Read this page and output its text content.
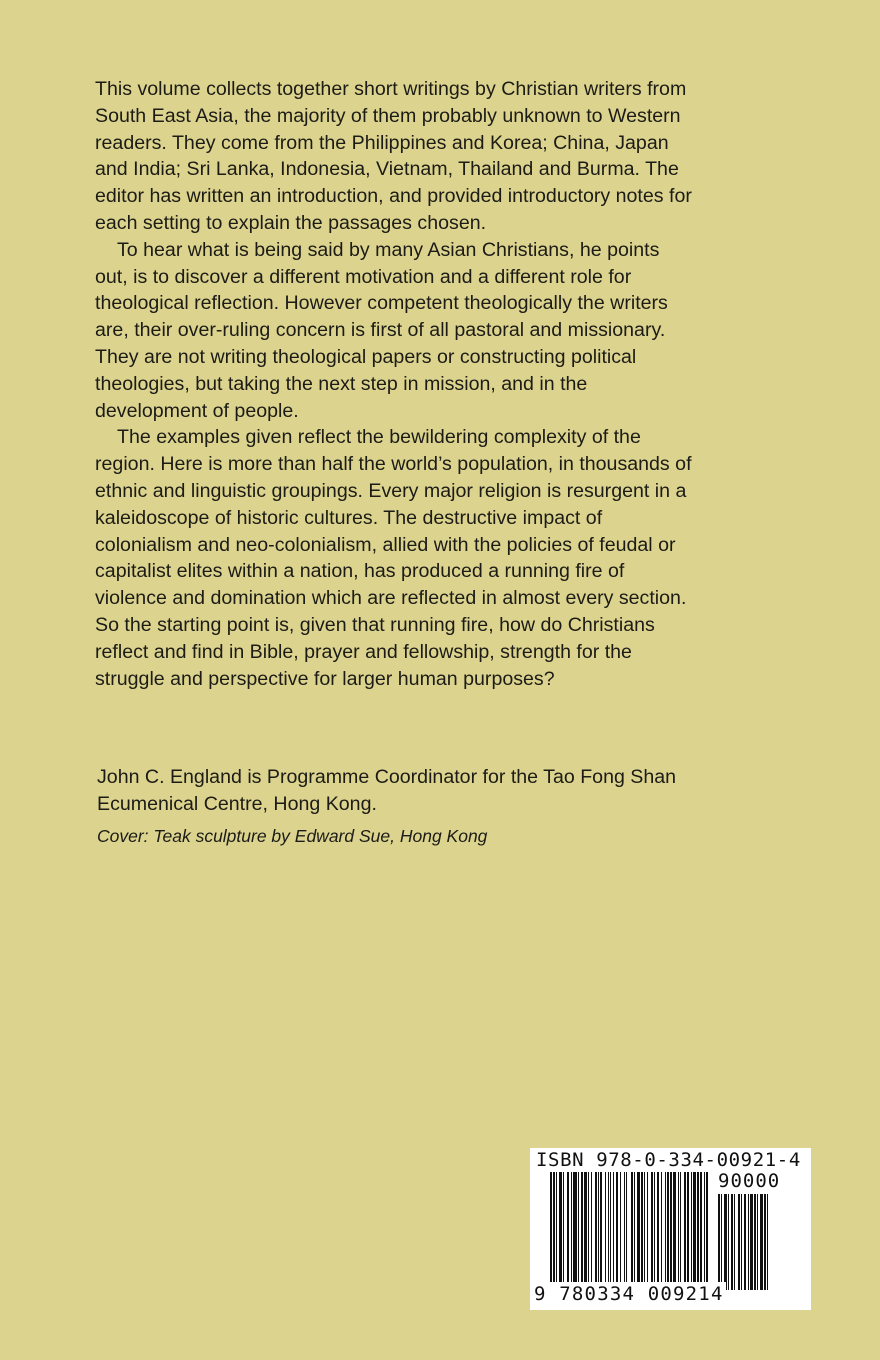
This volume collects together short writings by Christian writers from South East Asia, the majority of them probably unknown to Western readers. They come from the Philippines and Korea; China, Japan and India; Sri Lanka, Indonesia, Vietnam, Thailand and Burma. The editor has written an introduction, and provided introductory notes for each setting to explain the passages chosen.

To hear what is being said by many Asian Christians, he points out, is to discover a different motivation and a different role for theological reflection. However competent theologically the writers are, their over-ruling concern is first of all pastoral and missionary. They are not writing theological papers or constructing political theologies, but taking the next step in mission, and in the development of people.

The examples given reflect the bewildering complexity of the region. Here is more than half the world’s population, in thousands of ethnic and linguistic groupings. Every major religion is resurgent in a kaleidoscope of historic cultures. The destructive impact of colonialism and neo-colonialism, allied with the policies of feudal or capitalist elites within a nation, has produced a running fire of violence and domination which are reflected in almost every section. So the starting point is, given that running fire, how do Christians reflect and find in Bible, prayer and fellowship, strength for the struggle and perspective for larger human purposes?

John C. England is Programme Coordinator for the Tao Fong Shan Ecumenical Centre, Hong Kong.
Cover: Teak sculpture by Edward Sue, Hong Kong
ISBN 978-0-334-00921-4
90000
9 780334 009214
